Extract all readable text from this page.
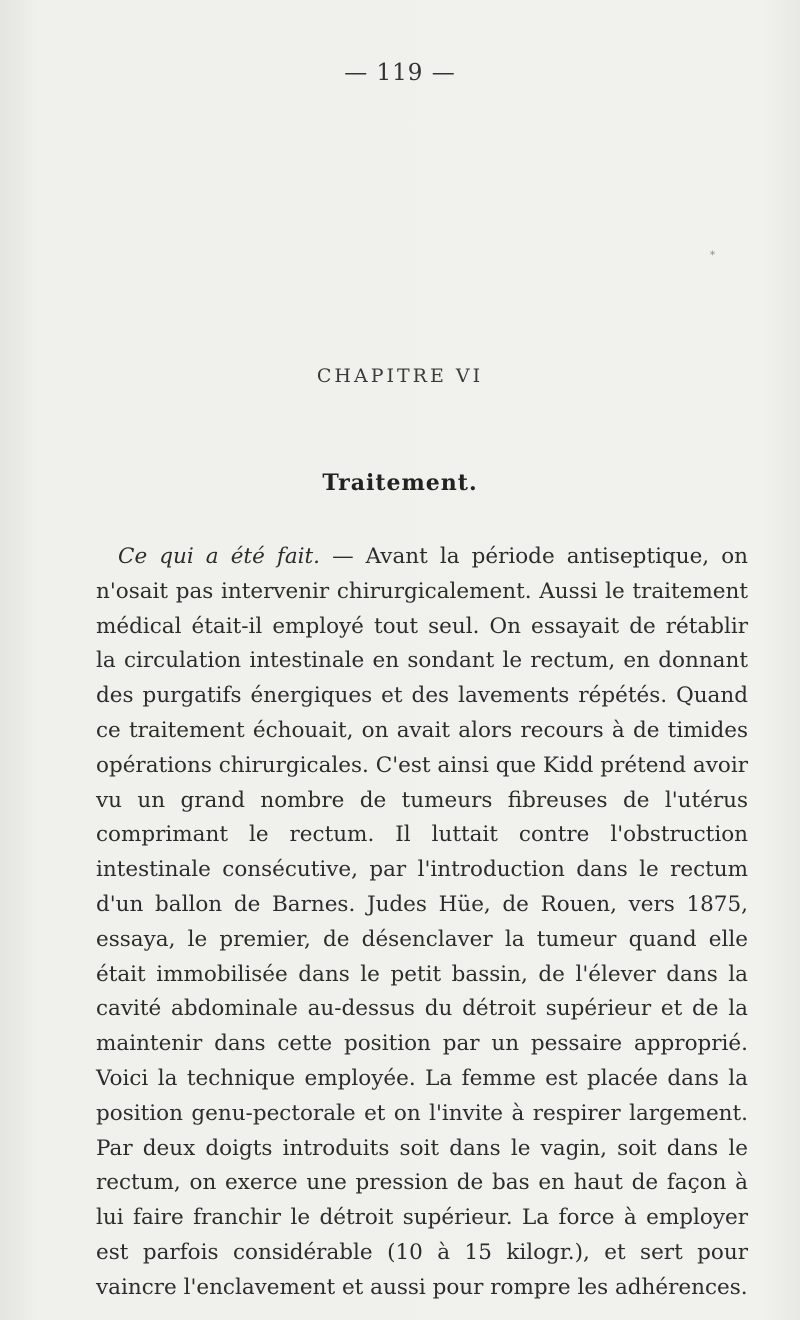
— 119 —
*
CHAPITRE VI
Traitement.

Ce qui a été fait. — Avant la période antiseptique, on n'osait pas intervenir chirurgicalement. Aussi le traitement médical était-il employé tout seul. On essayait de rétablir la circulation intestinale en sondant le rectum, en donnant des purgatifs énergiques et des lavements répétés. Quand ce traitement échouait, on avait alors recours à de timides opérations chirurgicales. C'est ainsi que Kidd prétend avoir vu un grand nombre de tumeurs fibreuses de l'utérus comprimant le rectum. Il luttait contre l'obstruction intestinale consécutive, par l'introduction dans le rectum d'un ballon de Barnes. Judes Hüe, de Rouen, vers 1875, essaya, le premier, de désenclaver la tumeur quand elle était immobilisée dans le petit bassin, de l'élever dans la cavité abdominale au-dessus du détroit supérieur et de la maintenir dans cette position par un pessaire approprié. Voici la technique employée. La femme est placée dans la position genu-pectorale et on l'invite à respirer largement. Par deux doigts introduits soit dans le vagin, soit dans le rectum, on exerce une pression de bas en haut de façon à lui faire franchir le détroit supérieur. La force à employer est parfois considérable (10 à 15 kilogr.), et sert pour vaincre l'enclavement et aussi pour rompre les adhérences.
